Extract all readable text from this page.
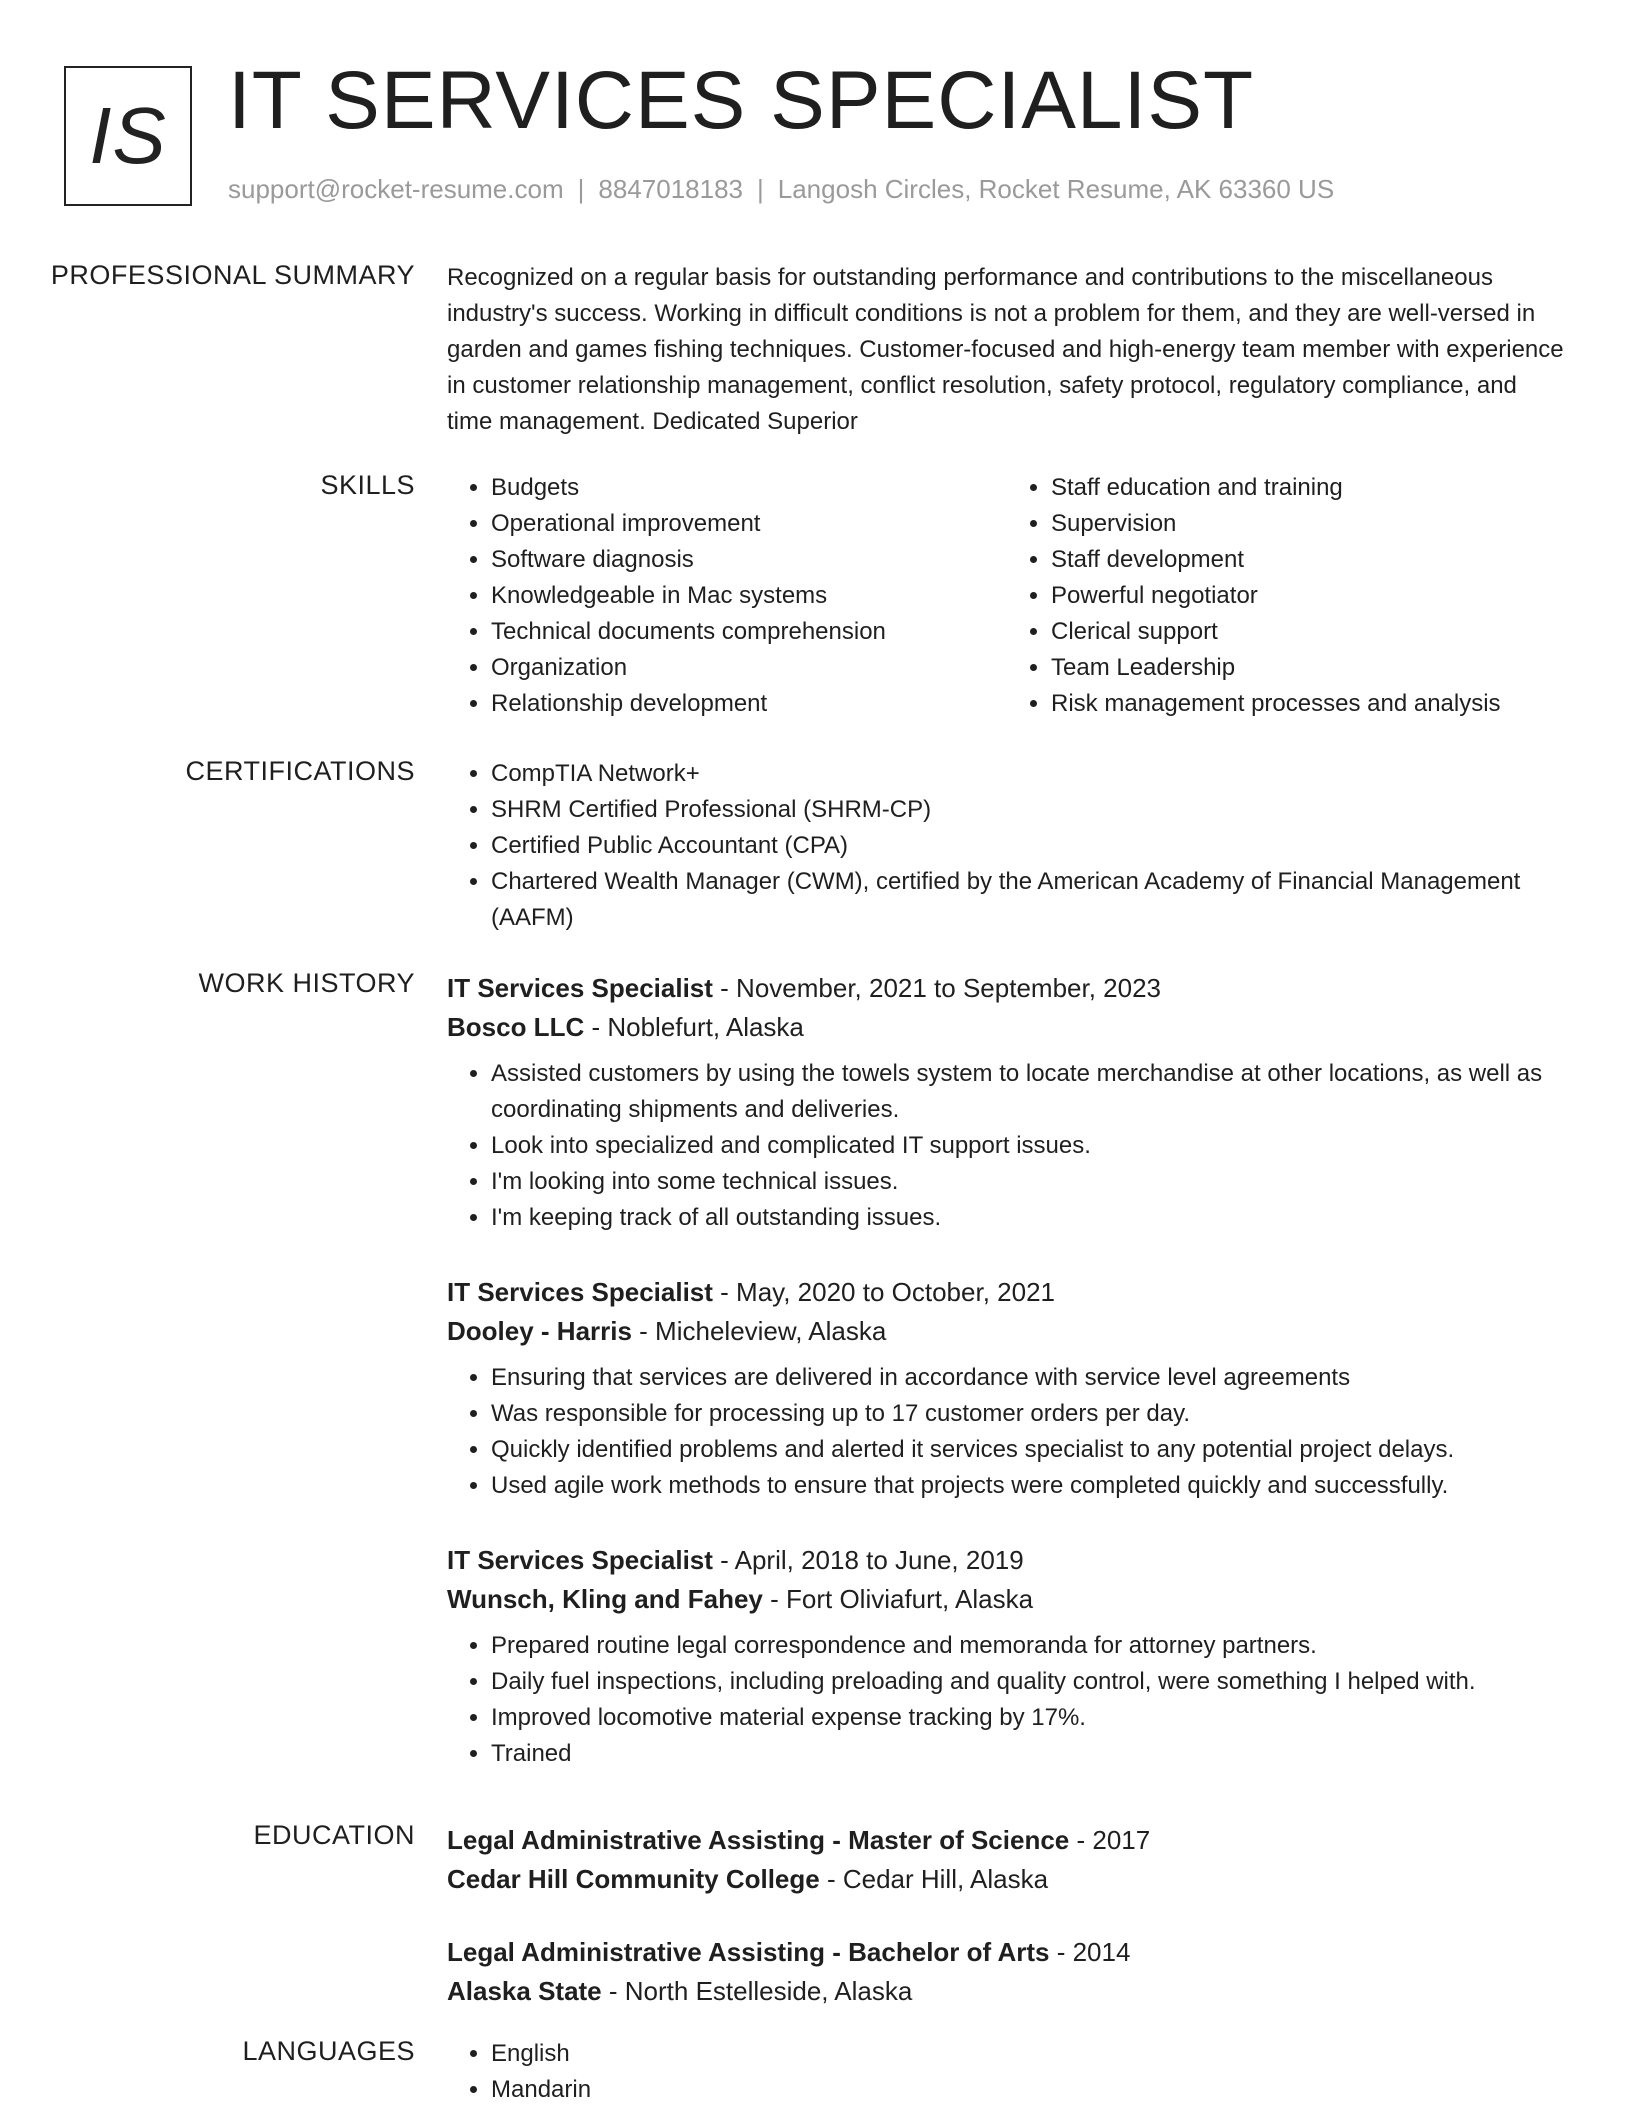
IS IT SERVICES SPECIALIST
support@rocket-resume.com | 8847018183 | Langosh Circles, Rocket Resume, AK 63360 US
PROFESSIONAL SUMMARY Recognized on a regular basis for outstanding performance and contributions to the miscellaneous industry's success. Working in difficult conditions is not a problem for them, and they are well-versed in garden and games fishing techniques. Customer-focused and high-energy team member with experience in customer relationship management, conflict resolution, safety protocol, regulatory compliance, and time management. Dedicated Superior

SKILLS	• Budgets
• Operational improvement
• Software diagnosis
• Knowledgeable in Mac systems
• Technical documents comprehension
• Organization
• Relationship development
• Staff education and training
• Supervision
• Staff development
• Powerful negotiator
• Clerical support
• Team Leadership
• Risk management processes and analysis
CERTIFICATIONS	• CompTIA Network+
• SHRM Certified Professional (SHRM-CP)
• Certified Public Accountant (CPA)
• Chartered Wealth Manager (CWM), certified by the American Academy of Financial Management (AAFM)
WORK HISTORY IT Services Specialist - November, 2021 to September, 2023
Bosco LLC - Noblefurt, Alaska
• Assisted customers by using the towels system to locate merchandise at other locations, as well as coordinating shipments and deliveries.
• Look into specialized and complicated IT support issues.
• I'm looking into some technical issues.
• I'm keeping track of all outstanding issues.
IT Services Specialist - May, 2020 to October, 2021
Dooley - Harris - Micheleview, Alaska
• Ensuring that services are delivered in accordance with service level agreements
• Was responsible for processing up to 17 customer orders per day.
• Quickly identified problems and alerted it services specialist to any potential project delays.
• Used agile work methods to ensure that projects were completed quickly and successfully.
IT Services Specialist - April, 2018 to June, 2019
Wunsch, Kling and Fahey - Fort Oliviafurt, Alaska
• Prepared routine legal correspondence and memoranda for attorney partners.
• Daily fuel inspections, including preloading and quality control, were something I helped with.
• Improved locomotive material expense tracking by 17%.
• Trained
EDUCATION Legal Administrative Assisting - Master of Science - 2017
Cedar Hill Community College - Cedar Hill, Alaska
Legal Administrative Assisting - Bachelor of Arts - 2014
Alaska State - North Estelleside, Alaska
LANGUAGES	• English
• Mandarin
